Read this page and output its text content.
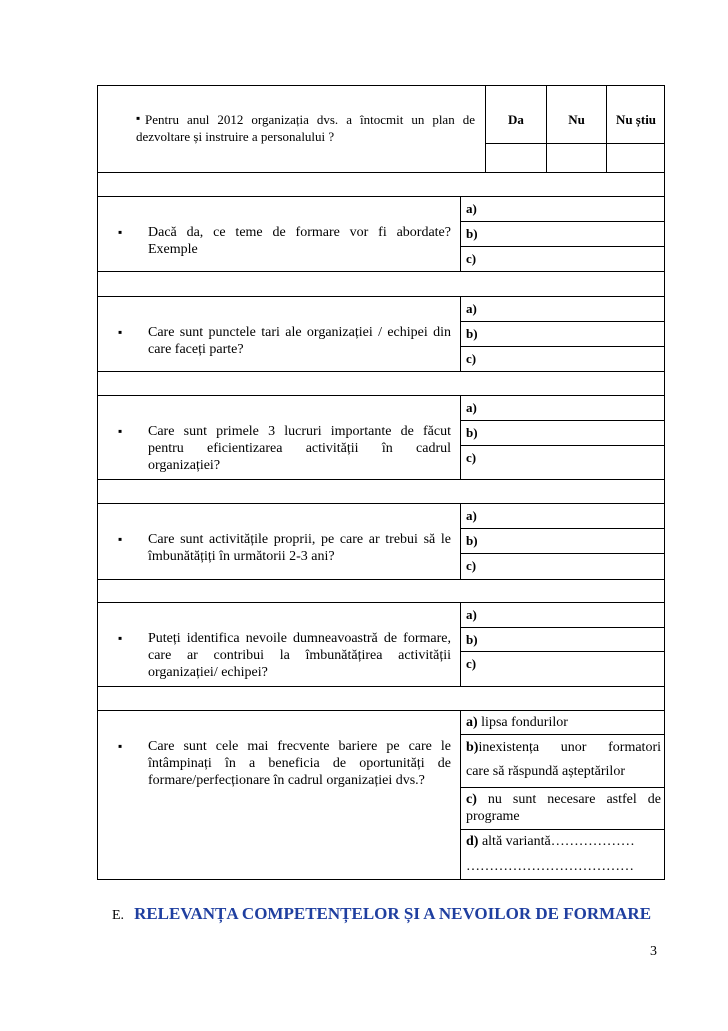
▪ Pentru anul 2012 organizația dvs. a întocmit un plan de
dezvoltare și instruire a personalului ?
Da	Nu	Nu știu
▪ Dacă da, ce teme de formare vor fi abordate?
Exemple
a)
b)
c)
▪ Care sunt punctele tari ale organizației / echipei din
care faceți parte?
a)
b)
c)
▪ Care sunt primele 3 lucruri importante de făcut
pentru eficientizarea activității în cadrul
organizației?
a)
b)
c)
▪ Care sunt activitățile proprii, pe care ar trebui să le
îmbunătățiți în următorii 2-3 ani?
a)
b)
c)
▪ Puteți identifica nevoile dumneavoastră de formare,
care ar contribui la îmbunătățirea activității
organizației/ echipei?
a)
b)
c)
▪ Care sunt cele mai frecvente bariere pe care le
întâmpinați în a beneficia de oportunități de
formare/perfecționare în cadrul organizației dvs.?
a) lipsa fondurilor
b)inexistența unor formatori
care să răspundă așteptărilor
c) nu sunt necesare astfel de
programe
d) altă variantă………………
………………………………
E. RELEVANȚA COMPETENȚELOR ȘI A NEVOILOR DE FORMARE
3
